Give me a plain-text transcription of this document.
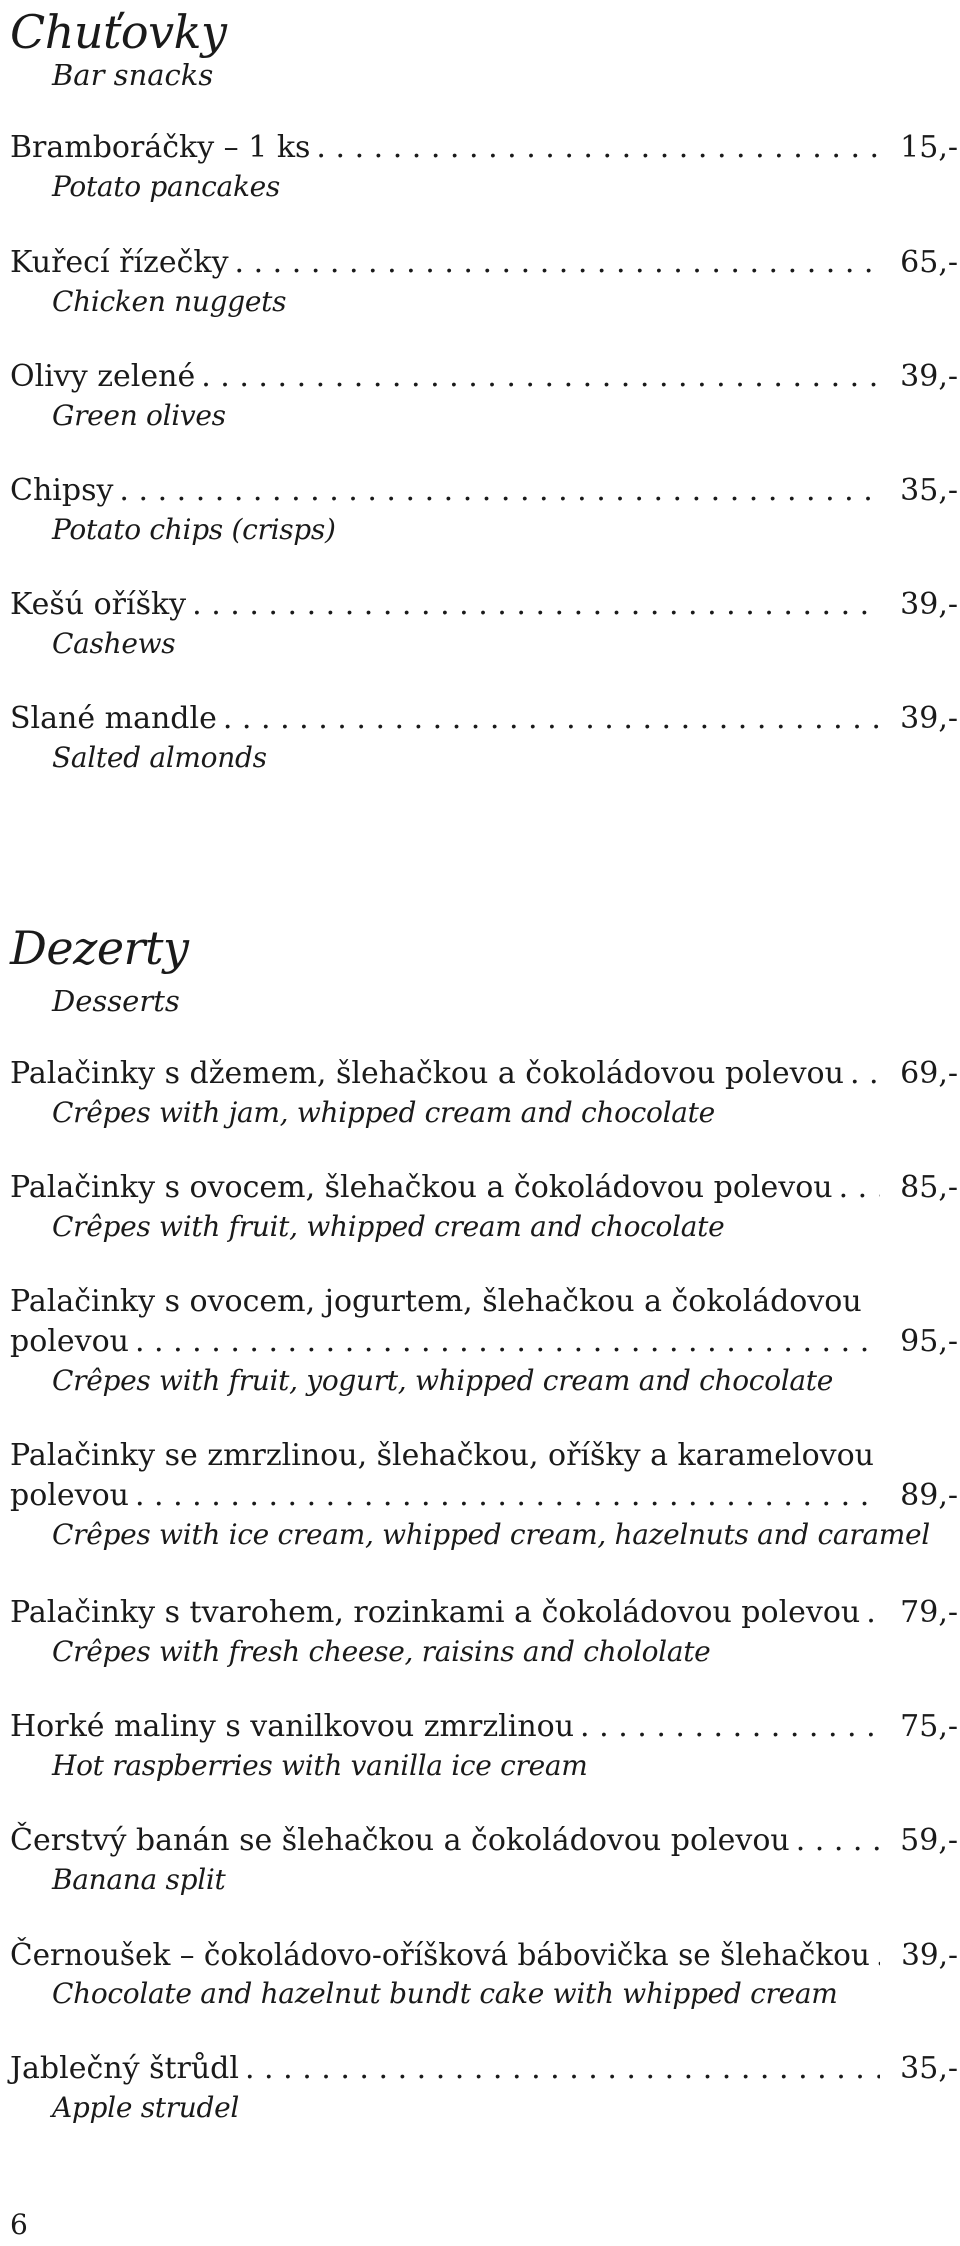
Chuťovky
Bar snacks
Bramboráčky – 1 ks . . .	15,-
Potato pancakes
Kuřecí řízečky . . .	65,-
Chicken nuggets
Olivy zelené . . .	39,-
Green olives
Chipsy . . .	35,-
Potato chips (crisps)
Kešú oříšky . . .	39,-
Cashews
Slané mandle . . .	39,-
Salted almonds
Dezerty
Desserts
Palačinky s džemem, šlehačkou a čokoládovou polevou . . .	69,-
Crêpes with jam, whipped cream and chocolate
Palačinky s ovocem, šlehačkou a čokoládovou polevou . . .	85,-
Crêpes with fruit, whipped cream and chocolate
Palačinky s ovocem, jogurtem, šlehačkou a čokoládovou
polevou . . .	95,-
Crêpes with fruit, yogurt, whipped cream and chocolate
Palačinky se zmrzlinou, šlehačkou, oříšky a karamelovou
polevou . . .	89,-
Crêpes with ice cream, whipped cream, hazelnuts and caramel
Palačinky s tvarohem, rozinkami a čokoládovou polevou . . .	79,-
Crêpes with fresh cheese, raisins and chololate
Horké maliny s vanilkovou zmrzlinou . . .	75,-
Hot raspberries with vanilla ice cream
Čerstvý banán se šlehačkou a čokoládovou polevou . . .	59,-
Banana split
Černoušek – čokoládovo-oříšková bábovička se šlehačkou . . .	39,-
Chocolate and hazelnut bundt cake with whipped cream
Jablečný štrůdl . . .	35,-
Apple strudel
6
